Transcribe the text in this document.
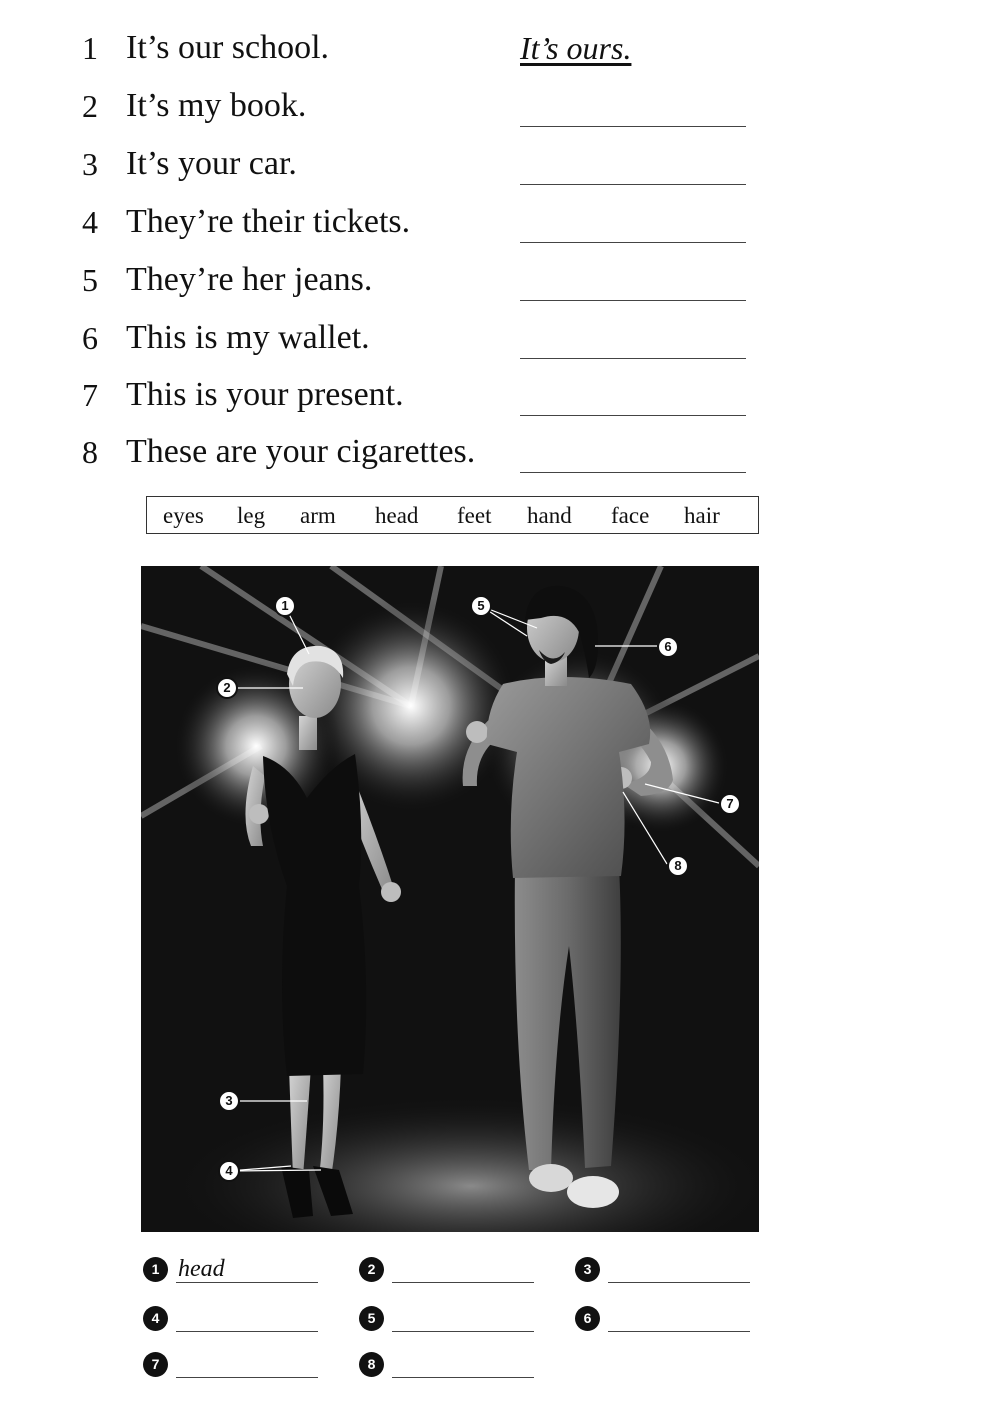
1 It’s our school.	It’s ours.
2 It’s my book.
3 It’s your car.
4 They’re their tickets.
5 They’re her jeans.
6 This is my wallet.
7 This is your present.
8 These are your cigarettes.
eyes leg arm head feet hand face hair
1
2
3
4
5
6
7
8
1 head	2	3
4	5	6
7	8
